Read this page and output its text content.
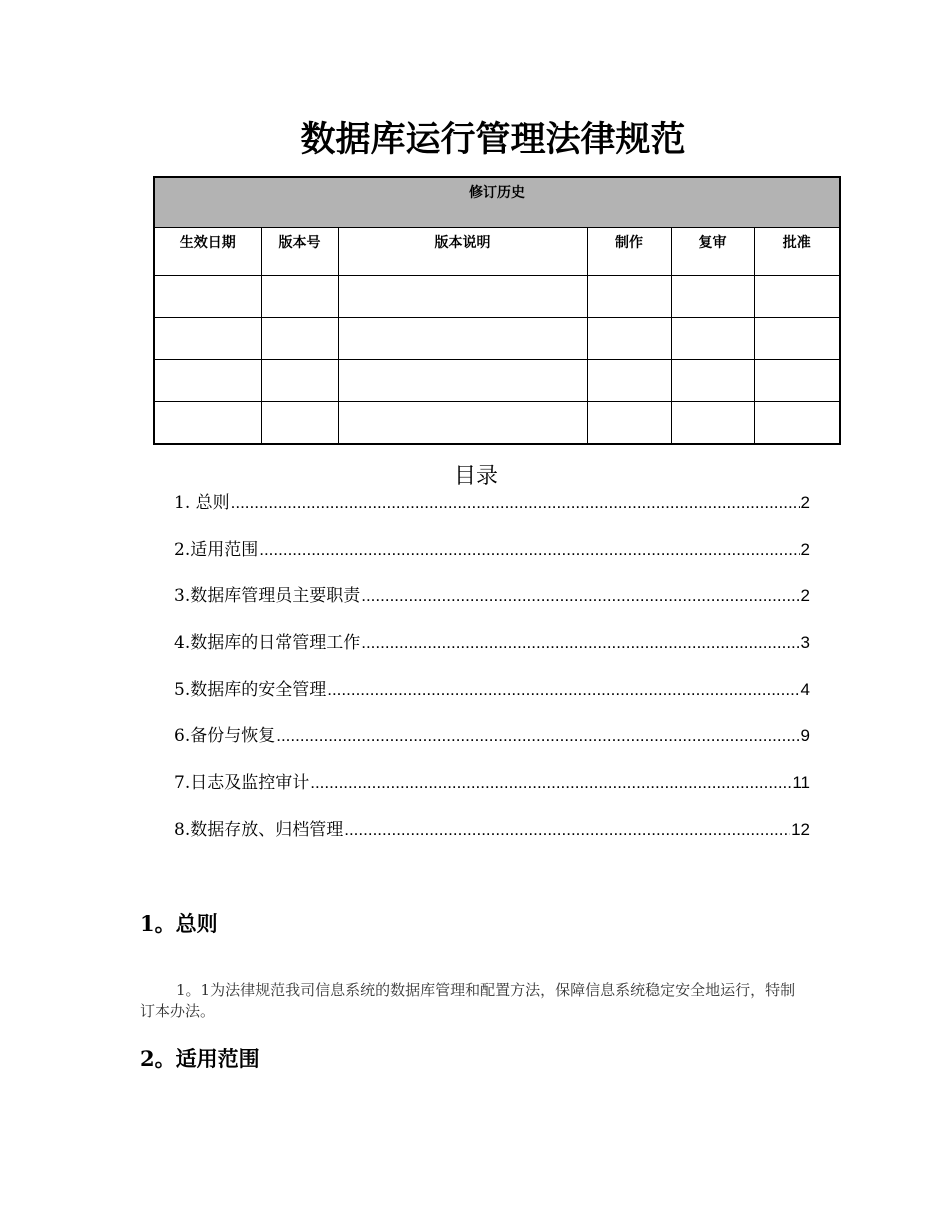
数据库运行管理法律规范
修订历史					
生效日期	版本号	版本说明	制作	复审	批准

目录
1. 总则 .....	2
2.适用范围 .....	2
3.数据库管理员主要职责 .....	2
4.数据库的日常管理工作 .....	3
5.数据库的安全管理 .....	4
6.备份与恢复 .....	9
7.日志及监控审计 .....	11
8.数据存放、归档管理 .....	12
1。总则
1。1为法律规范我司信息系统的数据库管理和配置方法，保障信息系统稳定安全地运行，特制订本办法。
2。适用范围
